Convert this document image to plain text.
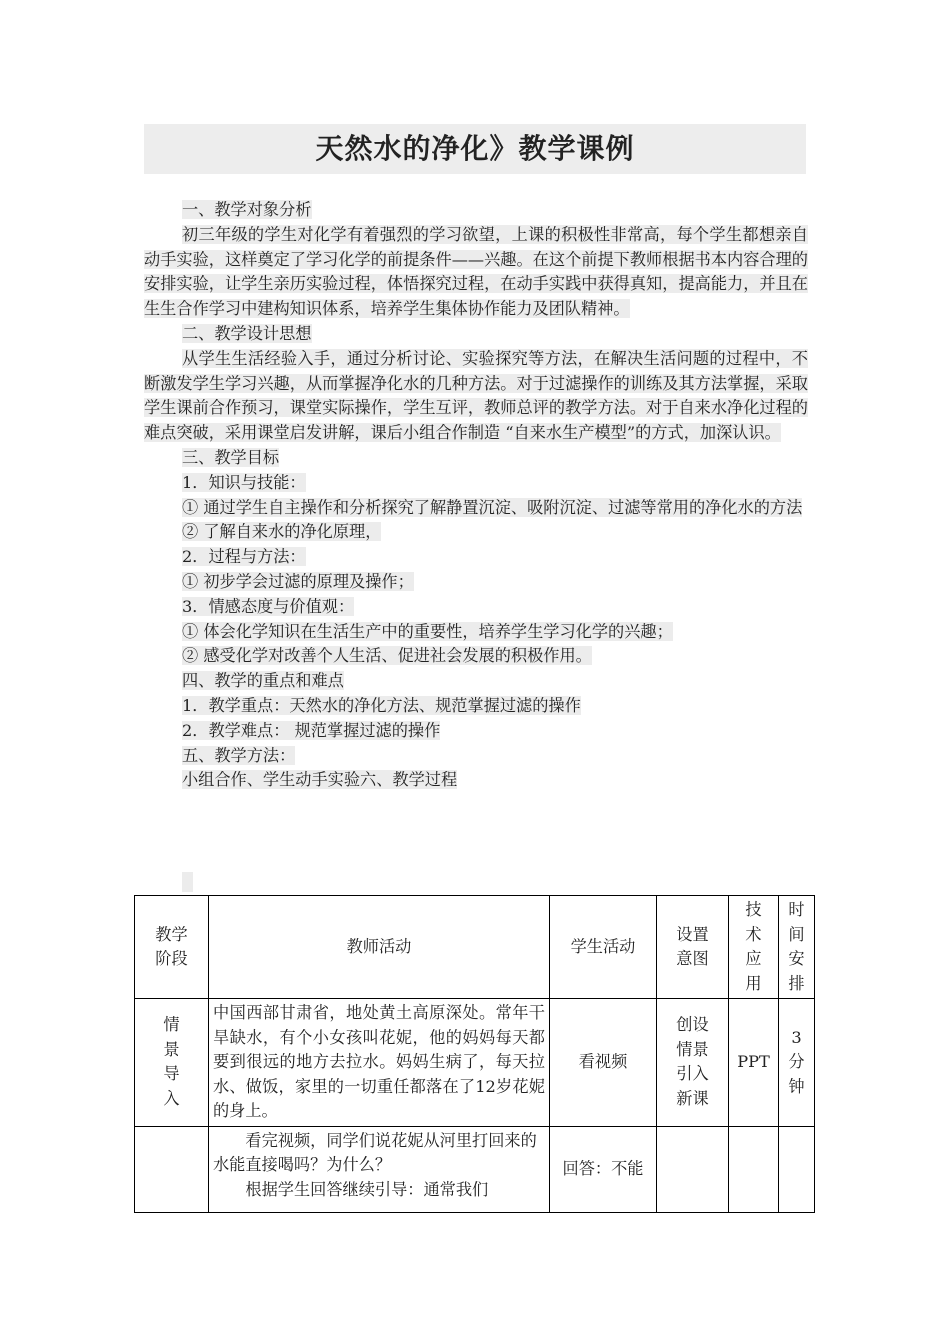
天然水的净化》教学课例

一、教学对象分析

初三年级的学生对化学有着强烈的学习欲望，上课的积极性非常高，每个学生都想亲自动手实验，这样奠定了学习化学的前提条件——兴趣。在这个前提下教师根据书本内容合理的安排实验，让学生亲历实验过程，体悟探究过程，在动手实践中获得真知，提高能力，并且在生生合作学习中建构知识体系，培养学生集体协作能力及团队精神。

二、教学设计思想

从学生生活经验入手，通过分析讨论、实验探究等方法，在解决生活问题的过程中，不断激发学生学习兴趣，从而掌握净化水的几种方法。对于过滤操作的训练及其方法掌握，采取学生课前合作预习，课堂实际操作，学生互评，教师总评的教学方法。对于自来水净化过程的难点突破，采用课堂启发讲解，课后小组合作制造 “自来水生产模型”的方式，加深认识。

三、教学目标

1．知识与技能：

① 通过学生自主操作和分析探究了解静置沉淀、吸附沉淀、过滤等常用的净化水的方法

② 了解自来水的净化原理，

2．过程与方法：

① 初步学会过滤的原理及操作；

3．情感态度与价值观：

① 体会化学知识在生活生产中的重要性，培养学生学习化学的兴趣；

② 感受化学对改善个人生活、促进社会发展的积极作用。

四、教学的重点和难点

1．教学重点：天然水的净化方法、规范掌握过滤的操作

2．教学难点： 规范掌握过滤的操作

五、教学方法：

小组合作、学生动手实验六、教学过程

教学阶段	教师活动	学生活动	设置意图	技术应用	时间安排

情景导入	中国西部甘肃省，地处黄土高原深处。常年干旱缺水，有个小女孩叫花妮，他的妈妈每天都要到很远的地方去拉水。妈妈生病了，每天拉水、做饭，家里的一切重任都落在了12岁花妮的身上。	看视频	创设情景引入新课	PPT	3分钟

	看完视频，同学们说花妮从河里打回来的水能直接喝吗？为什么？
根据学生回答继续引导：通常我们	回答：不能			
